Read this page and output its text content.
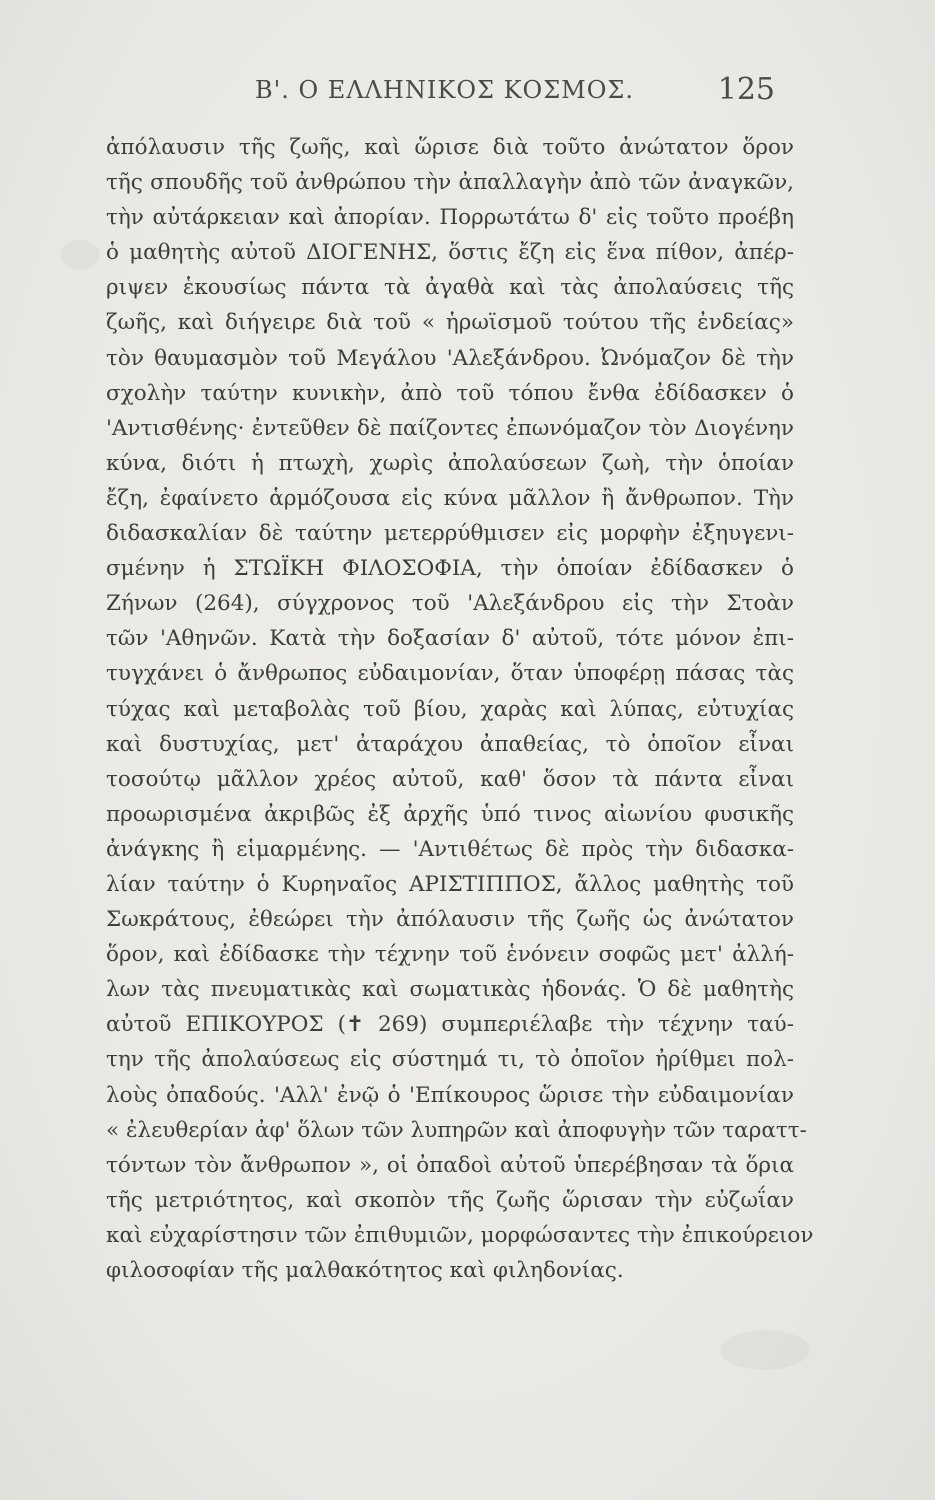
Β'. Ο ΕΛΛΗΝΙΚΟΣ ΚΟΣΜΟΣ.	125
ἀπόλαυσιν τῆς ζωῆς, καὶ ὥρισε διὰ τοῦτο ἀνώτατον ὅρον
τῆς σπουδῆς τοῦ ἀνθρώπου τὴν ἀπαλλαγὴν ἀπὸ τῶν ἀναγκῶν,
τὴν αὐτάρκειαν καὶ ἀπορίαν. Πορρωτάτω δ' εἰς τοῦτο προέβη
ὁ μαθητὴς αὐτοῦ ΔΙΟΓΕΝΗΣ, ὅστις ἔζη εἰς ἕνα πίθον, ἀπέρ-
ριψεν ἑκουσίως πάντα τὰ ἀγαθὰ καὶ τὰς ἀπολαύσεις τῆς
ζωῆς, καὶ διήγειρε διὰ τοῦ « ἡρωϊσμοῦ τούτου τῆς ἐνδείας»
τὸν θαυμασμὸν τοῦ Μεγάλου 'Αλεξάνδρου. Ὠνόμαζον δὲ τὴν
σχολὴν ταύτην κυνικὴν, ἀπὸ τοῦ τόπου ἔνθα ἐδίδασκεν ὁ
'Αντισθένης· ἐντεῦθεν δὲ παίζοντες ἐπωνόμαζον τὸν Διογένην
κύνα, διότι ἡ πτωχὴ, χωρὶς ἀπολαύσεων ζωὴ, τὴν ὁποίαν
ἔζη, ἐφαίνετο ἁρμόζουσα εἰς κύνα μᾶλλον ἢ ἄνθρωπον. Τὴν
διδασκαλίαν δὲ ταύτην μετερρύθμισεν εἰς μορφὴν ἐξηυγενι-
σμένην ἡ ΣΤΩΪΚΗ ΦΙΛΟΣΟΦΙΑ, τὴν ὁποίαν ἐδίδασκεν ὁ
Ζήνων (264), σύγχρονος τοῦ 'Αλεξάνδρου εἰς τὴν Στοὰν
τῶν 'Αθηνῶν. Κατὰ τὴν δοξασίαν δ' αὐτοῦ, τότε μόνον ἐπι-
τυγχάνει ὁ ἄνθρωπος εὐδαιμονίαν, ὅταν ὑποφέρῃ πάσας τὰς
τύχας καὶ μεταβολὰς τοῦ βίου, χαρὰς καὶ λύπας, εὐτυχίας
καὶ δυστυχίας, μετ' ἀταράχου ἀπαθείας, τὸ ὁποῖον εἶναι
τοσούτῳ μᾶλλον χρέος αὐτοῦ, καθ' ὅσον τὰ πάντα εἶναι
προωρισμένα ἀκριβῶς ἐξ ἀρχῆς ὑπό τινος αἰωνίου φυσικῆς
ἀνάγκης ἢ εἱμαρμένης. — 'Αντιθέτως δὲ πρὸς τὴν διδασκα-
λίαν ταύτην ὁ Κυρηναῖος ΑΡΙΣΤΙΠΠΟΣ, ἄλλος μαθητὴς τοῦ
Σωκράτους, ἐθεώρει τὴν ἀπόλαυσιν τῆς ζωῆς ὡς ἀνώτατον
ὅρον, καὶ ἐδίδασκε τὴν τέχνην τοῦ ἑνόνειν σοφῶς μετ' ἀλλή-
λων τὰς πνευματικὰς καὶ σωματικὰς ἡδονάς. Ὁ δὲ μαθητὴς
αὐτοῦ ΕΠΙΚΟΥΡΟΣ (✝ 269) συμπεριέλαβε τὴν τέχνην ταύ-
την τῆς ἀπολαύσεως εἰς σύστημά τι, τὸ ὁποῖον ἠρίθμει πολ-
λοὺς ὀπαδούς. 'Αλλ' ἐνῷ ὁ 'Επίκουρος ὥρισε τὴν εὐδαιμονίαν
« ἐλευθερίαν ἀφ' ὅλων τῶν λυπηρῶν καὶ ἀποφυγὴν τῶν ταραττ-
τόντων τὸν ἄνθρωπον », οἱ ὀπαδοὶ αὐτοῦ ὑπερέβησαν τὰ ὅρια
τῆς μετριότητος, καὶ σκοπὸν τῆς ζωῆς ὥρισαν τὴν εὐζωΐαν
καὶ εὐχαρίστησιν τῶν ἐπιθυμιῶν, μορφώσαντες τὴν ἐπικούρειον
φιλοσοφίαν τῆς μαλθακότητος καὶ φιληδονίας.
